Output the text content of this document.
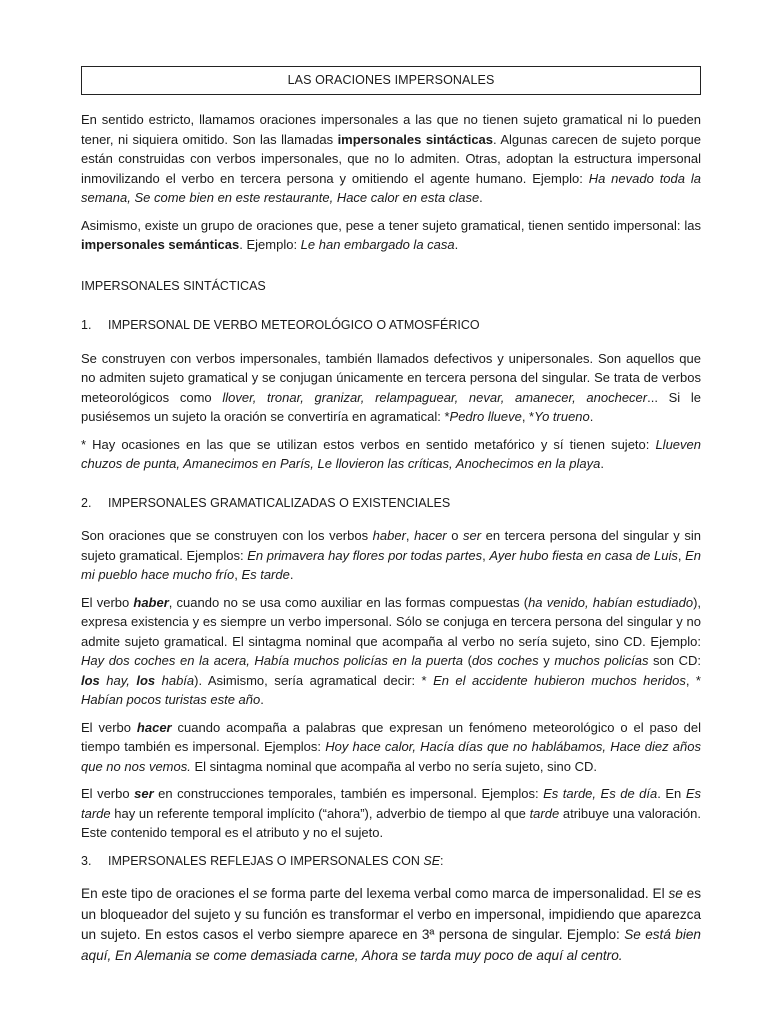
LAS ORACIONES IMPERSONALES

En sentido estricto, llamamos oraciones impersonales a las que no tienen sujeto gramatical ni lo pueden tener, ni siquiera omitido. Son las llamadas impersonales sintácticas. Algunas carecen de sujeto porque están construidas con verbos impersonales, que no lo admiten. Otras, adoptan la estructura impersonal inmovilizando el verbo en tercera persona y omitiendo el agente humano. Ejemplo: Ha nevado toda la semana, Se come bien en este restaurante, Hace calor en esta clase.

Asimismo, existe un grupo de oraciones que, pese a tener sujeto gramatical, tienen sentido impersonal: las impersonales semánticas. Ejemplo: Le han embargado la casa.

IMPERSONALES SINTÁCTICAS
1.	IMPERSONAL DE VERBO METEOROLÓGICO O ATMOSFÉRICO

Se construyen con verbos impersonales, también llamados defectivos y unipersonales. Son aquellos que no admiten sujeto gramatical y se conjugan únicamente en tercera persona del singular. Se trata de verbos meteorológicos como llover, tronar, granizar, relampaguear, nevar, amanecer, anochecer... Si le pusiésemos un sujeto la oración se convertiría en agramatical: *Pedro llueve, *Yo trueno.

* Hay ocasiones en las que se utilizan estos verbos en sentido metafórico y sí tienen sujeto: Llueven chuzos de punta, Amanecimos en París, Le llovieron las críticas, Anochecimos en la playa.

2.	IMPERSONALES GRAMATICALIZADAS O EXISTENCIALES

Son oraciones que se construyen con los verbos haber, hacer o ser en tercera persona del singular y sin sujeto gramatical. Ejemplos: En primavera hay flores por todas partes, Ayer hubo fiesta en casa de Luis, En mi pueblo hace mucho frío, Es tarde.

El verbo haber, cuando no se usa como auxiliar en las formas compuestas (ha venido, habían estudiado), expresa existencia y es siempre un verbo impersonal. Sólo se conjuga en tercera persona del singular y no admite sujeto gramatical. El sintagma nominal que acompaña al verbo no sería sujeto, sino CD. Ejemplo: Hay dos coches en la acera, Había muchos policías en la puerta (dos coches y muchos policías son CD: los hay, los había). Asimismo, sería agramatical decir: * En el accidente hubieron muchos heridos, * Habían pocos turistas este año.

El verbo hacer cuando acompaña a palabras que expresan un fenómeno meteorológico o el paso del tiempo también es impersonal. Ejemplos: Hoy hace calor, Hacía días que no hablábamos, Hace diez años que no nos vemos. El sintagma nominal que acompaña al verbo no sería sujeto, sino CD.

El verbo ser en construcciones temporales, también es impersonal. Ejemplos: Es tarde, Es de día. En Es tarde hay un referente temporal implícito (“ahora”), adverbio de tiempo al que tarde atribuye una valoración. Este contenido temporal es el atributo y no el sujeto.

3.	IMPERSONALES REFLEJAS O IMPERSONALES CON SE:

En este tipo de oraciones el se forma parte del lexema verbal como marca de impersonalidad. El se es un bloqueador del sujeto y su función es transformar el verbo en impersonal, impidiendo que aparezca un sujeto. En estos casos el verbo siempre aparece en 3ª persona de singular. Ejemplo: Se está bien aquí, En Alemania se come demasiada carne, Ahora se tarda muy poco de aquí al centro.
